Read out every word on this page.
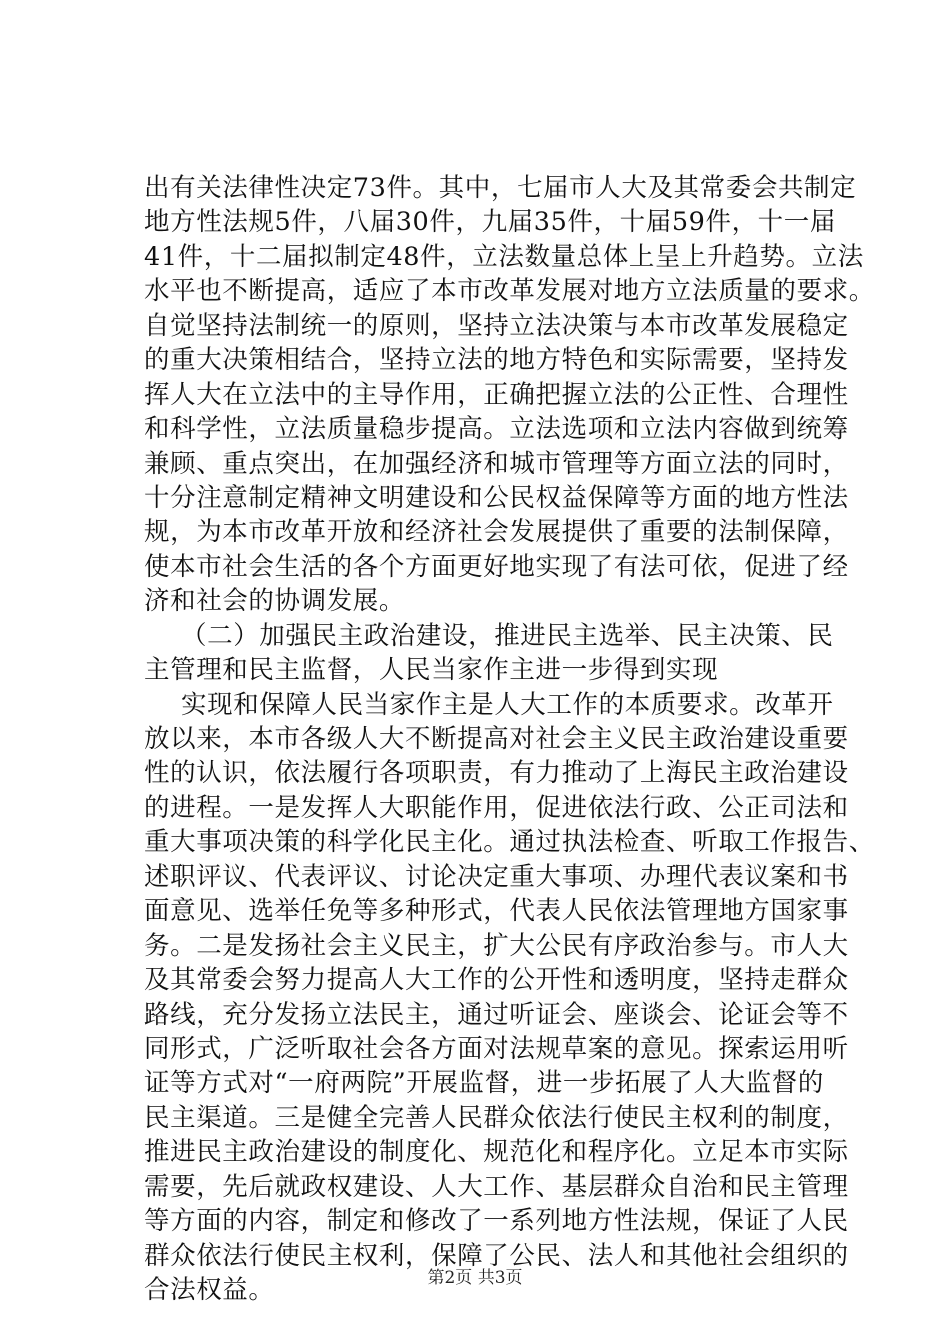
出有关法律性决定73件。其中，七届市人大及其常委会共制定
地方性法规5件，八届30件，九届35件，十届59件，十一届
41件，十二届拟制定48件，立法数量总体上呈上升趋势。立法
水平也不断提高，适应了本市改革发展对地方立法质量的要求。
自觉坚持法制统一的原则，坚持立法决策与本市改革发展稳定
的重大决策相结合，坚持立法的地方特色和实际需要，坚持发
挥人大在立法中的主导作用，正确把握立法的公正性、合理性
和科学性，立法质量稳步提高。立法选项和立法内容做到统筹
兼顾、重点突出，在加强经济和城市管理等方面立法的同时，
十分注意制定精神文明建设和公民权益保障等方面的地方性法
规，为本市改革开放和经济社会发展提供了重要的法制保障，
使本市社会生活的各个方面更好地实现了有法可依，促进了经
济和社会的协调发展。
（二）加强民主政治建设，推进民主选举、民主决策、民
主管理和民主监督，人民当家作主进一步得到实现
实现和保障人民当家作主是人大工作的本质要求。改革开
放以来，本市各级人大不断提高对社会主义民主政治建设重要
性的认识，依法履行各项职责，有力推动了上海民主政治建设
的进程。一是发挥人大职能作用，促进依法行政、公正司法和
重大事项决策的科学化民主化。通过执法检查、听取工作报告、
述职评议、代表评议、讨论决定重大事项、办理代表议案和书
面意见、选举任免等多种形式，代表人民依法管理地方国家事
务。二是发扬社会主义民主，扩大公民有序政治参与。市人大
及其常委会努力提高人大工作的公开性和透明度，坚持走群众
路线，充分发扬立法民主，通过听证会、座谈会、论证会等不
同形式，广泛听取社会各方面对法规草案的意见。探索运用听
证等方式对“一府两院”开展监督，进一步拓展了人大监督的
民主渠道。三是健全完善人民群众依法行使民主权利的制度，
推进民主政治建设的制度化、规范化和程序化。立足本市实际
需要，先后就政权建设、人大工作、基层群众自治和民主管理
等方面的内容，制定和修改了一系列地方性法规，保证了人民
群众依法行使民主权利，保障了公民、法人和其他社会组织的
合法权益。	第2页 共3页
